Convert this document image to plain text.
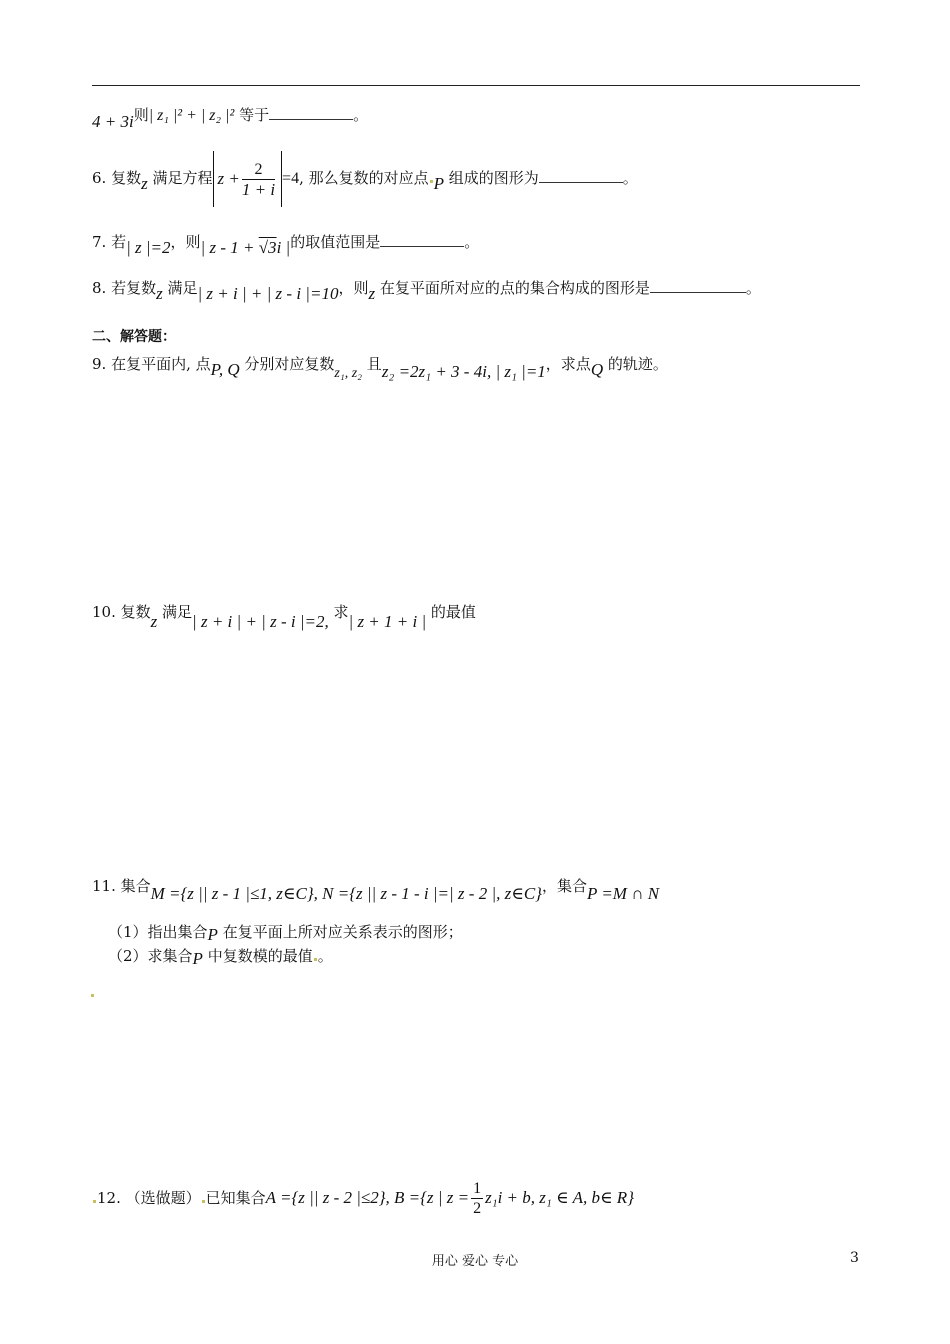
4 + 3i则| z₁ |² + | z₂ |² 等于	。
6. 复数z 满足方程 $z + \frac{2}{1 + i} =4$, 那么复数的对应点 P 组成的图形为	。
7. 若| z |=2，则| z - 1 + √3i |的取值范围是	。
8. 若复数z 满足| z + i | + | z - i |=10，则z 在复平面所对应的点的集合构成的图形是	。
二、解答题：
9. 在复平面内, 点P, Q 分别对应复数z₁, z₂ 且z₂ =2z₁ + 3 - 4i, | z₁ |=1，求点Q 的轨迹。
10. 复数z 满足| z + i | + | z - i |=2, 求| z + 1 + i | 的最值
11. 集合M ={z || z - 1 |≤1, z∈C}, N ={z || z - 1 - i |=| z - 2 |, z∈C}，集合P =M ∩ N
（1）指出集合P 在复平面上所对应关系表示的图形；
（2）求集合P 中复数模的最值 。
12. （选做题） 已知集合A ={z || z - 2 |≤2}, B ={z | $z = \frac{1}{2} z_1i + b$, z₁ ∈ A, b∈ R}
用心 爱心 专心	3
